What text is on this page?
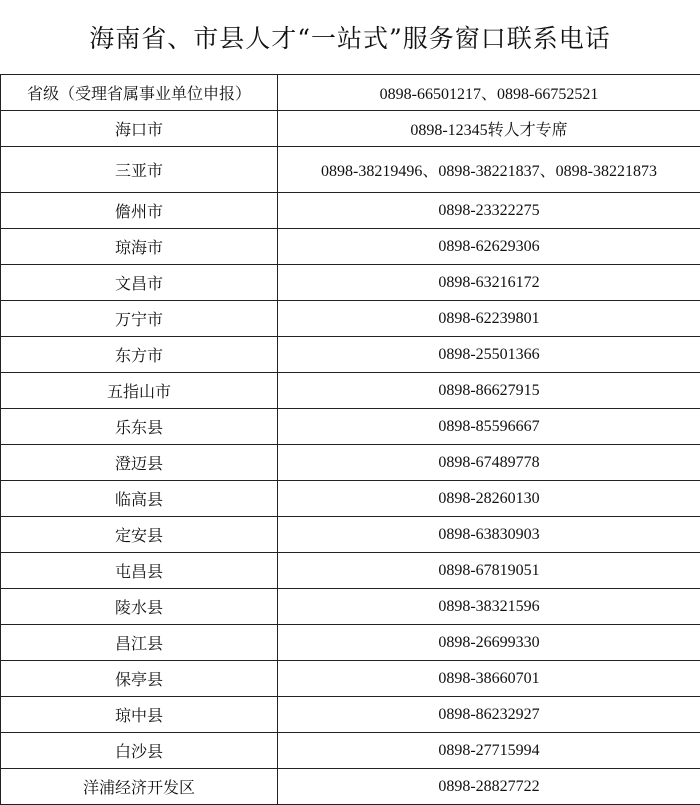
海南省、市县人才“一站式”服务窗口联系电话
省级（受理省属事业单位申报）	0898-66501217、0898-66752521
海口市	0898-12345转人才专席
三亚市	0898-38219496、0898-38221837、0898-38221873
儋州市	0898-23322275
琼海市	0898-62629306
文昌市	0898-63216172
万宁市	0898-62239801
东方市	0898-25501366
五指山市	0898-86627915
乐东县	0898-85596667
澄迈县	0898-67489778
临高县	0898-28260130
定安县	0898-63830903
屯昌县	0898-67819051
陵水县	0898-38321596
昌江县	0898-26699330
保亭县	0898-38660701
琼中县	0898-86232927
白沙县	0898-27715994
洋浦经济开发区	0898-28827722
